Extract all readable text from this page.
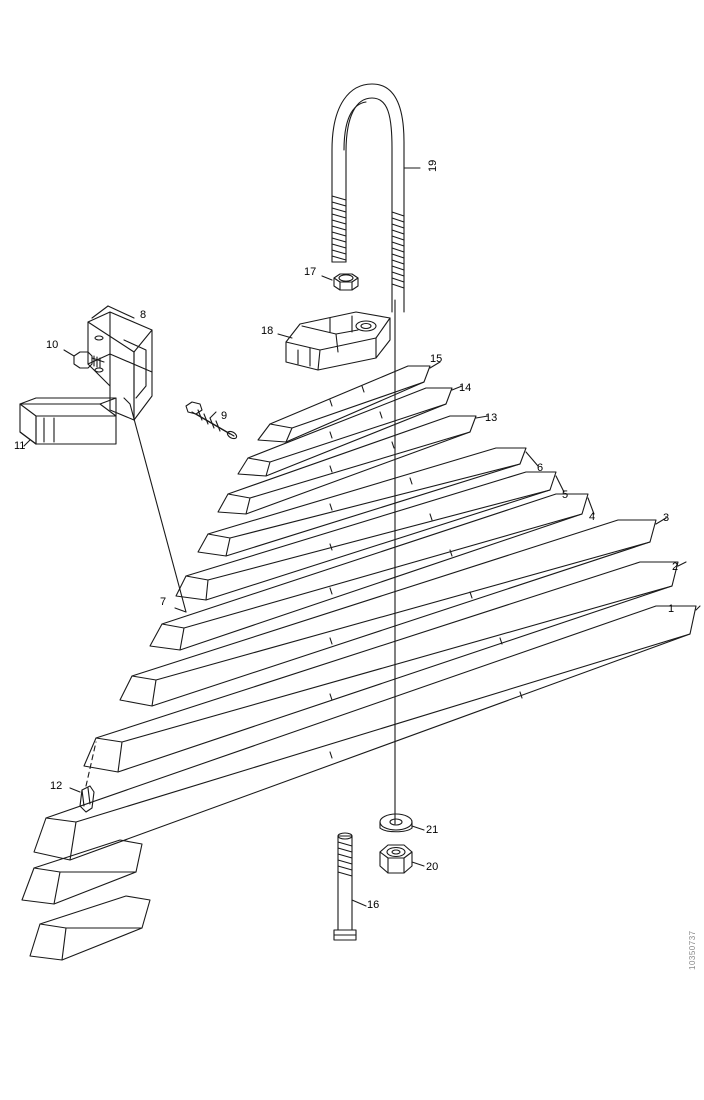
1
2
3
4
5
6
7
8
9
10
11
12
13
14
15
16
17
18
19
20
21
10350737
